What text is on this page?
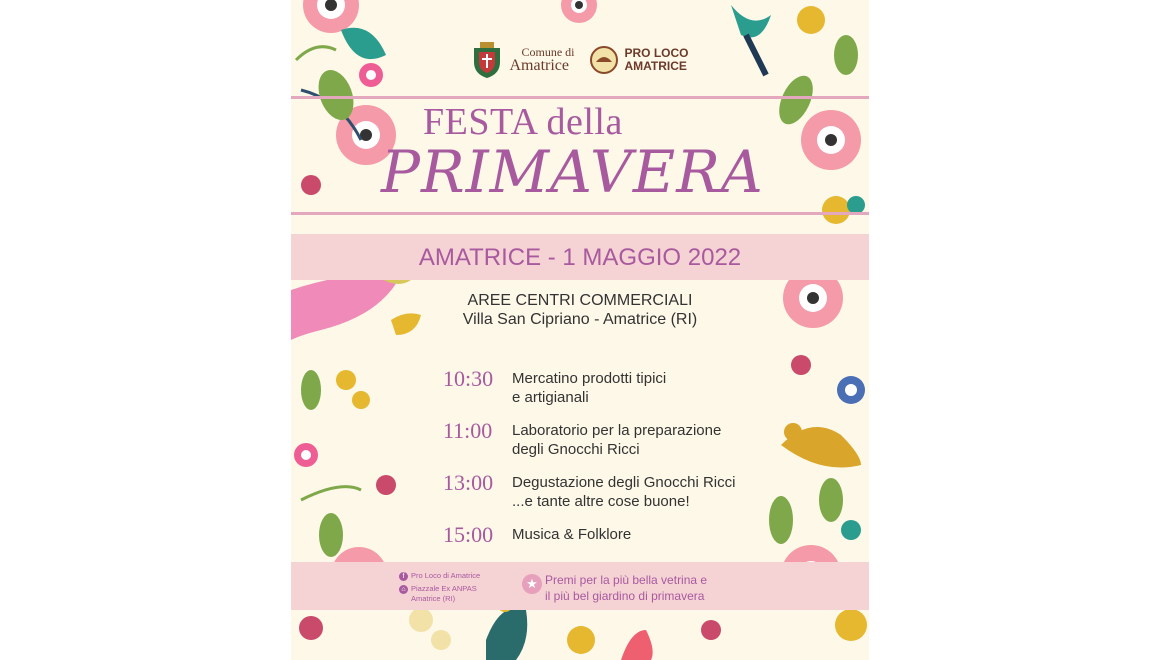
Comune di
Amatrice
PRO LOCO
AMATRICE
FESTA della
PRIMAVERA
AMATRICE - 1 MAGGIO 2022
AREE CENTRI COMMERCIALI
Villa San Cipriano - Amatrice (RI)
10:30 Mercatino prodotti tipici
e artigianali
11:00 Laboratorio per la preparazione
degli Gnocchi Ricci
13:00 Degustazione degli Gnocchi Ricci
...e tante altre cose buone!
15:00 Musica & Folklore
f Pro Loco di Amatrice
⌂ Piazzale Ex ANPAS
Amatrice (RI)
★ Premi per la più bella vetrina e
il più bel giardino di primavera
